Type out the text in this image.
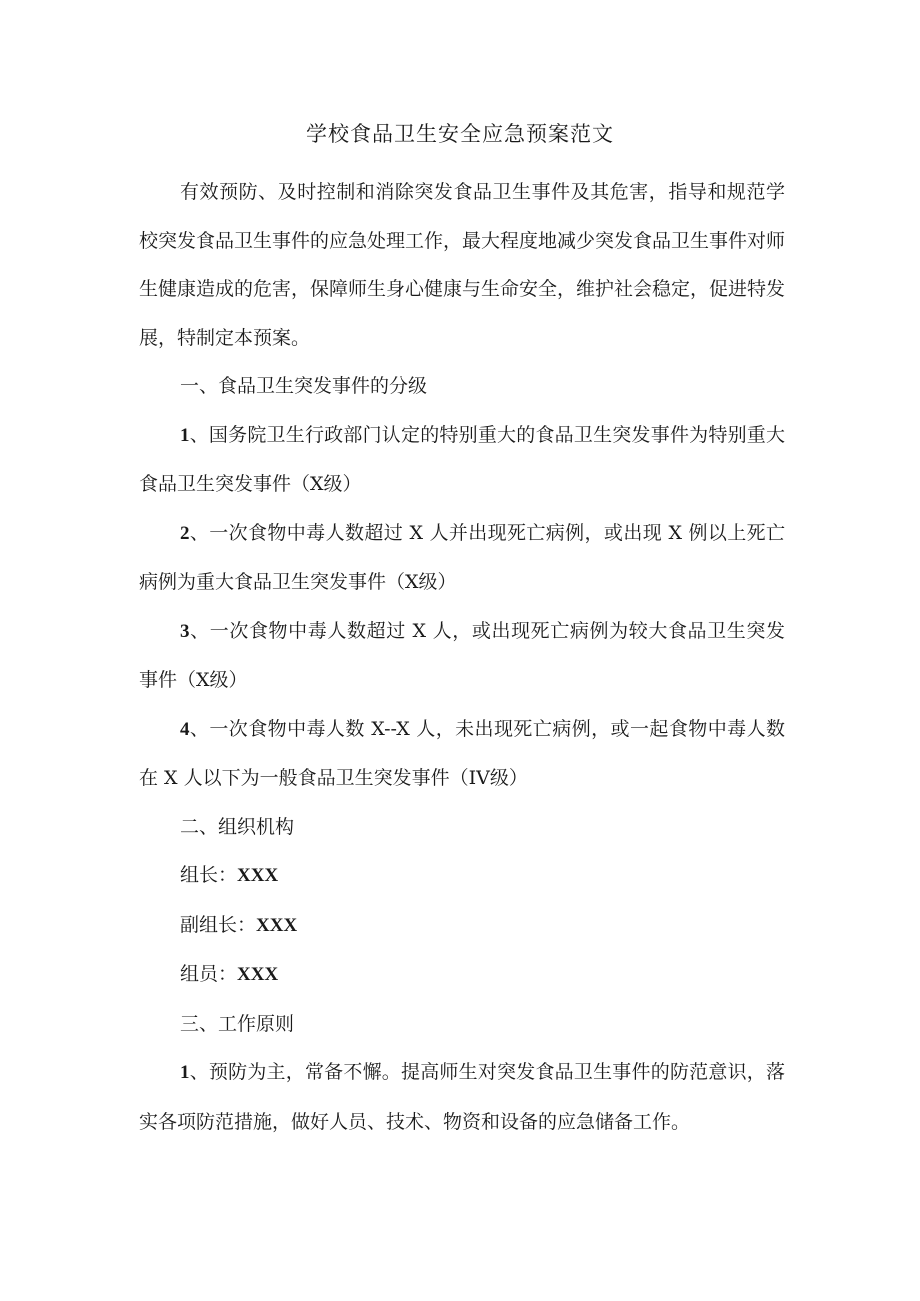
学校食品卫生安全应急预案范文

有效预防、及时控制和消除突发食品卫生事件及其危害，指导和规范学校突发食品卫生事件的应急处理工作，最大程度地减少突发食品卫生事件对师生健康造成的危害，保障师生身心健康与生命安全，维护社会稳定，促进特发展，特制定本预案。

一、食品卫生突发事件的分级

1、国务院卫生行政部门认定的特别重大的食品卫生突发事件为特别重大食品卫生突发事件（X级）

2、一次食物中毒人数超过 X 人并出现死亡病例，或出现 X 例以上死亡病例为重大食品卫生突发事件（X级）

3、一次食物中毒人数超过 X 人，或出现死亡病例为较大食品卫生突发事件（X级）

4、一次食物中毒人数 X--X 人，未出现死亡病例，或一起食物中毒人数在 X 人以下为一般食品卫生突发事件（IV级）

二、组织机构

组长：XXX

副组长：XXX

组员：XXX

三、工作原则

1、预防为主，常备不懈。提高师生对突发食品卫生事件的防范意识，落实各项防范措施，做好人员、技术、物资和设备的应急储备工作。
